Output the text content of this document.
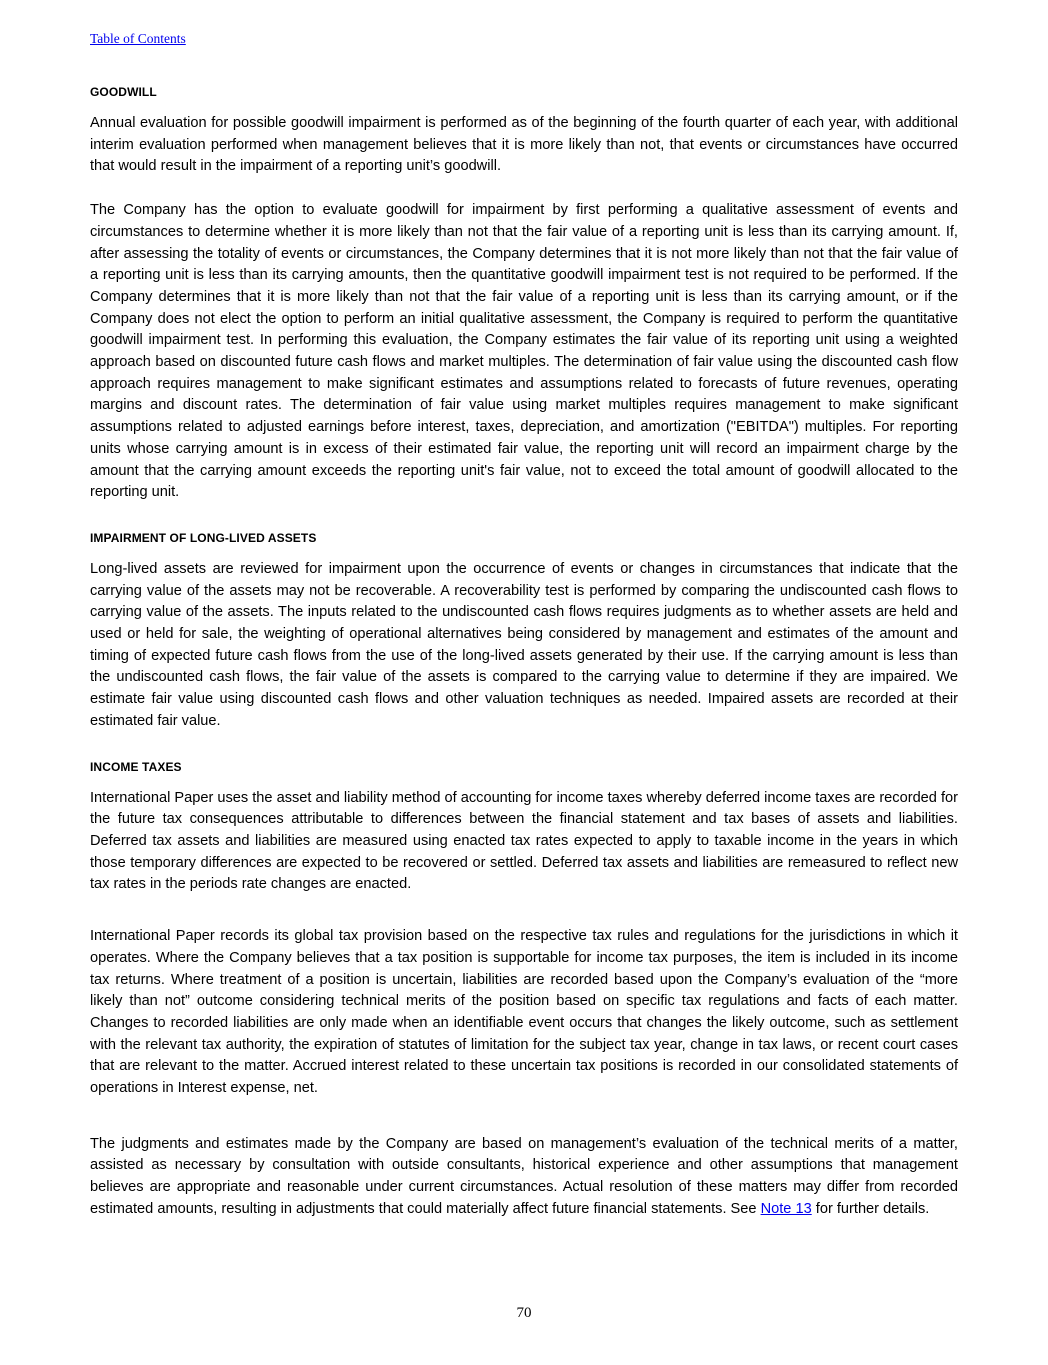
Table of Contents
GOODWILL

Annual evaluation for possible goodwill impairment is performed as of the beginning of the fourth quarter of each year, with additional interim evaluation performed when management believes that it is more likely than not, that events or circumstances have occurred that would result in the impairment of a reporting unit’s goodwill.

The Company has the option to evaluate goodwill for impairment by first performing a qualitative assessment of events and circumstances to determine whether it is more likely than not that the fair value of a reporting unit is less than its carrying amount. If, after assessing the totality of events or circumstances, the Company determines that it is not more likely than not that the fair value of a reporting unit is less than its carrying amounts, then the quantitative goodwill impairment test is not required to be performed. If the Company determines that it is more likely than not that the fair value of a reporting unit is less than its carrying amount, or if the Company does not elect the option to perform an initial qualitative assessment, the Company is required to perform the quantitative goodwill impairment test. In performing this evaluation, the Company estimates the fair value of its reporting unit using a weighted approach based on discounted future cash flows and market multiples. The determination of fair value using the discounted cash flow approach requires management to make significant estimates and assumptions related to forecasts of future revenues, operating margins and discount rates. The determination of fair value using market multiples requires management to make significant assumptions related to adjusted earnings before interest, taxes, depreciation, and amortization ("EBITDA") multiples. For reporting units whose carrying amount is in excess of their estimated fair value, the reporting unit will record an impairment charge by the amount that the carrying amount exceeds the reporting unit's fair value, not to exceed the total amount of goodwill allocated to the reporting unit.

IMPAIRMENT OF LONG-LIVED ASSETS

Long-lived assets are reviewed for impairment upon the occurrence of events or changes in circumstances that indicate that the carrying value of the assets may not be recoverable. A recoverability test is performed by comparing the undiscounted cash flows to carrying value of the assets. The inputs related to the undiscounted cash flows requires judgments as to whether assets are held and used or held for sale, the weighting of operational alternatives being considered by management and estimates of the amount and timing of expected future cash flows from the use of the long-lived assets generated by their use. If the carrying amount is less than the undiscounted cash flows, the fair value of the assets is compared to the carrying value to determine if they are impaired. We estimate fair value using discounted cash flows and other valuation techniques as needed. Impaired assets are recorded at their estimated fair value.

INCOME TAXES

International Paper uses the asset and liability method of accounting for income taxes whereby deferred income taxes are recorded for the future tax consequences attributable to differences between the financial statement and tax bases of assets and liabilities. Deferred tax assets and liabilities are measured using enacted tax rates expected to apply to taxable income in the years in which those temporary differences are expected to be recovered or settled. Deferred tax assets and liabilities are remeasured to reflect new tax rates in the periods rate changes are enacted.

International Paper records its global tax provision based on the respective tax rules and regulations for the jurisdictions in which it operates. Where the Company believes that a tax position is supportable for income tax purposes, the item is included in its income tax returns. Where treatment of a position is uncertain, liabilities are recorded based upon the Company’s evaluation of the “more likely than not” outcome considering technical merits of the position based on specific tax regulations and facts of each matter. Changes to recorded liabilities are only made when an identifiable event occurs that changes the likely outcome, such as settlement with the relevant tax authority, the expiration of statutes of limitation for the subject tax year, change in tax laws, or recent court cases that are relevant to the matter. Accrued interest related to these uncertain tax positions is recorded in our consolidated statements of operations in Interest expense, net.

The judgments and estimates made by the Company are based on management’s evaluation of the technical merits of a matter, assisted as necessary by consultation with outside consultants, historical experience and other assumptions that management believes are appropriate and reasonable under current circumstances. Actual resolution of these matters may differ from recorded estimated amounts, resulting in adjustments that could materially affect future financial statements. See Note 13 for further details.

70
